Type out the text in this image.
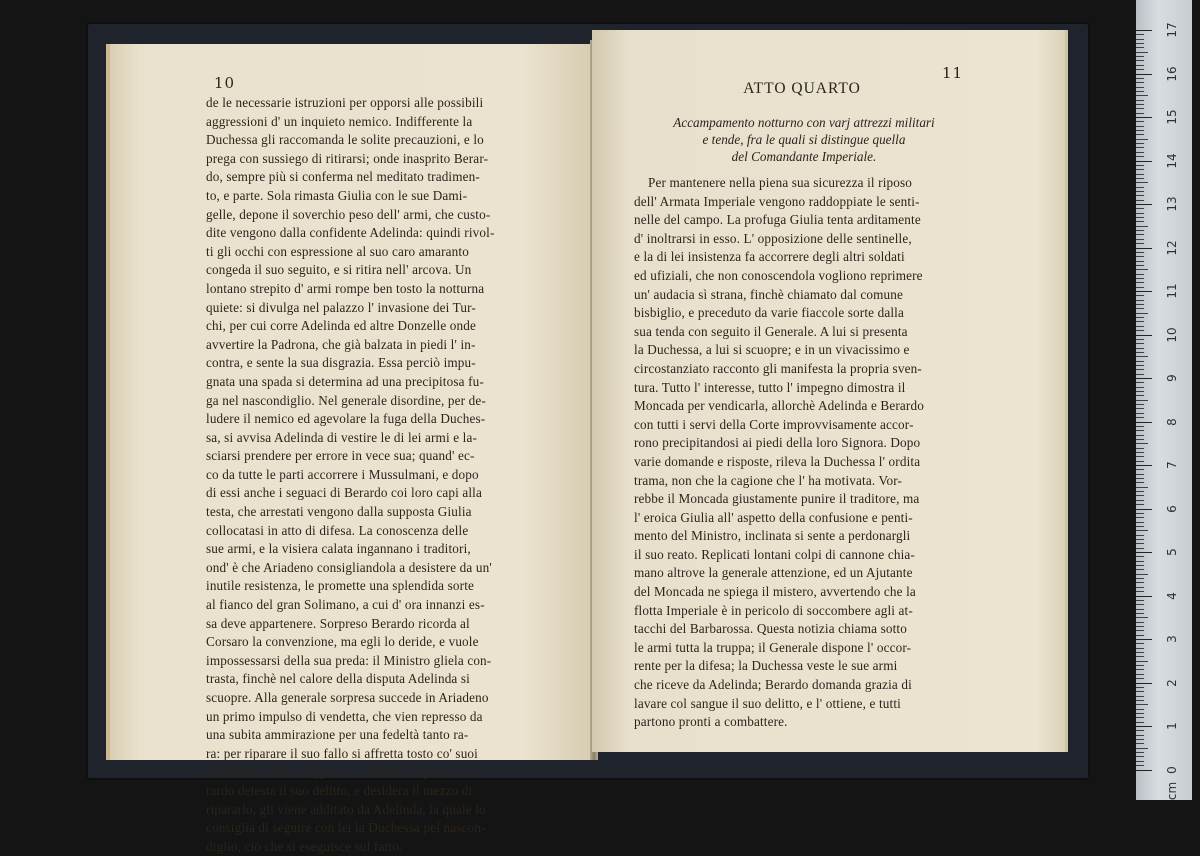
10
de le necessarie istruzioni per opporsi alle possibili
aggressioni d' un inquieto nemico. Indifferente la
Duchessa gli raccomanda le solite precauzioni, e lo
prega con sussiego di ritirarsi; onde inasprito Berar-
do, sempre più si conferma nel meditato tradimen-
to, e parte. Sola rimasta Giulia con le sue Dami-
gelle, depone il soverchio peso dell' armi, che custo-
dite vengono dalla confidente Adelinda: quindi rivol-
ti gli occhi con espressione al suo caro amaranto
congeda il suo seguito, e si ritira nell' arcova. Un
lontano strepito d' armi rompe ben tosto la notturna
quiete: si divulga nel palazzo l' invasione dei Tur-
chi, per cui corre Adelinda ed altre Donzelle onde
avvertire la Padrona, che già balzata in piedi l' in-
contra, e sente la sua disgrazia. Essa perciò impu-
gnata una spada si determina ad una precipitosa fu-
ga nel nascondiglio. Nel generale disordine, per de-
ludere il nemico ed agevolare la fuga della Duches-
sa, si avvisa Adelinda di vestire le di lei armi e la-
sciarsi prendere per errore in vece sua; quand' ec-
co da tutte le parti accorrere i Mussulmani, e dopo
di essi anche i seguaci di Berardo coi loro capi alla
testa, che arrestati vengono dalla supposta Giulia
collocatasi in atto di difesa. La conoscenza delle
sue armi, e la visiera calata ingannano i traditori,
ond' è che Ariadeno consigliandola a desistere da un'
inutile resistenza, le promette una splendida sorte
al fianco del gran Solimano, a cui d' ora innanzi es-
sa deve appartenere. Sorpreso Berardo ricorda al
Corsaro la convenzione, ma egli lo deride, e vuole
impossessarsi della sua preda: il Ministro gliela con-
trasta, finchè nel calore della disputa Adelinda si
scuopre. Alla generale sorpresa succede in Ariadeno
un primo impulso di vendetta, che vien represso da
una subita ammirazione per una fedeltà tanto ra-
ra: per riparare il suo fallo si affretta tosto co' suoi
sulle tracce della fuggitiva, e mentre disperato Be-
rardo detesta il suo delitto, e desidera il mezzo di
ripararlo, gli viene additato da Adelinda, la quale lo
consiglia di seguire con lei la Duchessa pel nascon-
diglio, ciò che si eseguisce sul fatto.
11
ATTO QUARTO
Accampamento notturno con varj attrezzi militari
e tende, fra le quali si distingue quella
del Comandante Imperiale.
Per mantenere nella piena sua sicurezza il riposo
dell' Armata Imperiale vengono raddoppiate le senti-
nelle del campo. La profuga Giulia tenta arditamente
d' inoltrarsi in esso. L' opposizione delle sentinelle,
e la di lei insistenza fa accorrere degli altri soldati
ed ufiziali, che non conoscendola vogliono reprimere
un' audacia sì strana, finchè chiamato dal comune
bisbiglio, e preceduto da varie fiaccole sorte dalla
sua tenda con seguito il Generale. A lui si presenta
la Duchessa, a lui si scuopre; e in un vivacissimo e
circostanziato racconto gli manifesta la propria sven-
tura. Tutto l' interesse, tutto l' impegno dimostra il
Moncada per vendicarla, allorchè Adelinda e Berardo
con tutti i servi della Corte improvvisamente accor-
rono precipitandosi ai piedi della loro Signora. Dopo
varie domande e risposte, rileva la Duchessa l' ordita
trama, non che la cagione che l' ha motivata. Vor-
rebbe il Moncada giustamente punire il traditore, ma
l' eroica Giulia all' aspetto della confusione e penti-
mento del Ministro, inclinata si sente a perdonargli
il suo reato. Replicati lontani colpi di cannone chia-
mano altrove la generale attenzione, ed un Ajutante
del Moncada ne spiega il mistero, avvertendo che la
flotta Imperiale è in pericolo di soccombere agli at-
tacchi del Barbarossa. Questa notizia chiama sotto
le armi tutta la truppa; il Generale dispone l' occor-
rente per la difesa; la Duchessa veste le sue armi
che riceve da Adelinda; Berardo domanda grazia di
lavare col sangue il suo delitto, e l' ottiene, e tutti
partono pronti a combattere.
17
16
15
14
13
12
11
10
9
8
7
6
5
4
3
2
1
0
cm
